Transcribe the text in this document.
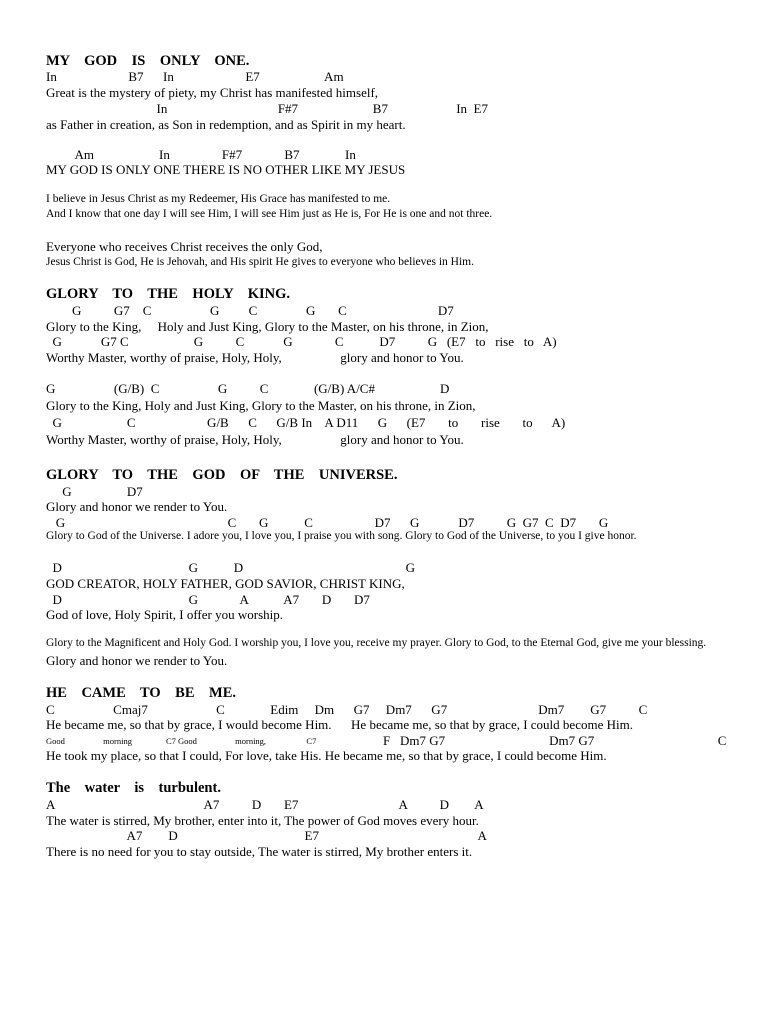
MY    GOD    IS    ONLY    ONE.
In                      B7      In                      E7                    Am
Great is the mystery of piety, my Christ has manifested himself,
In                                  F#7                       B7                     In  E7
as Father in creation, as Son in redemption, and as Spirit in my heart.
Am                    In                F#7             B7              In
MY GOD IS ONLY ONE THERE IS NO OTHER LIKE MY JESUS
I believe in Jesus Christ as my Redeemer, His Grace has manifested to me.
And I know that one day I will see Him, I will see Him just as He is, For He is one and not three.
Everyone who receives Christ receives the only God,
Jesus Christ is God, He is Jehovah, and His spirit He gives to everyone who believes in Him.
GLORY    TO    THE    HOLY    KING.
G          G7    C                  G         C               G       C                            D7
Glory to the King,     Holy and Just King, Glory to the Master, on his throne, in Zion,
G            G7 C                    G          C            G             C           D7          G   (E7   to   rise   to   A)
Worthy Master, worthy of praise, Holy, Holy,                  glory and honor to You.
G                  (G/B)  C                  G          C              (G/B) A/C#                    D
Glory to the King, Holy and Just King, Glory to the Master, on his throne, in Zion,
G                    C                      G/B      C      G/B In    A D11      G      (E7       to       rise       to      A)
Worthy Master, worthy of praise, Holy, Holy,                  glory and honor to You.
GLORY    TO    THE    GOD    OF    THE    UNIVERSE.
G                 D7
Glory and honor we render to You.
G                                                  C       G           C                   D7      G            D7          G  G7  C  D7       G
Glory to God of the Universe. I adore you, I love you, I praise you with song. Glory to God of the Universe, to you I give honor.
D                                       G           D                                                  G
GOD CREATOR, HOLY FATHER, GOD SAVIOR, CHRIST KING,
D                                       G             A           A7       D       D7
God of love, Holy Spirit, I offer you worship.
Glory to the Magnificent and Holy God. I worship you, I love you, receive my prayer. Glory to God, to the Eternal God, give me your blessing.
Glory and honor we render to You.
HE    CAME    TO    BE    ME.
C                  Cmaj7                     C              Edim     Dm      G7     Dm7      G7                            Dm7        G7          C
He became me, so that by grace, I would become Him.      He became me, so that by grace, I could become Him.
Good                  morning                C7 Good                  morning,                   C7	F   Dm7 G7                                Dm7 G7                                      C
He took my place, so that I could, For love, take His. He became me, so that by grace, I could become Him.
The    water    is    turbulent.
A                                              A7          D       E7                               A          D        A
The water is stirred, My brother, enter into it, The power of God moves every hour.
A7        D                                       E7                                                 A
There is no need for you to stay outside, The water is stirred, My brother enters it.
